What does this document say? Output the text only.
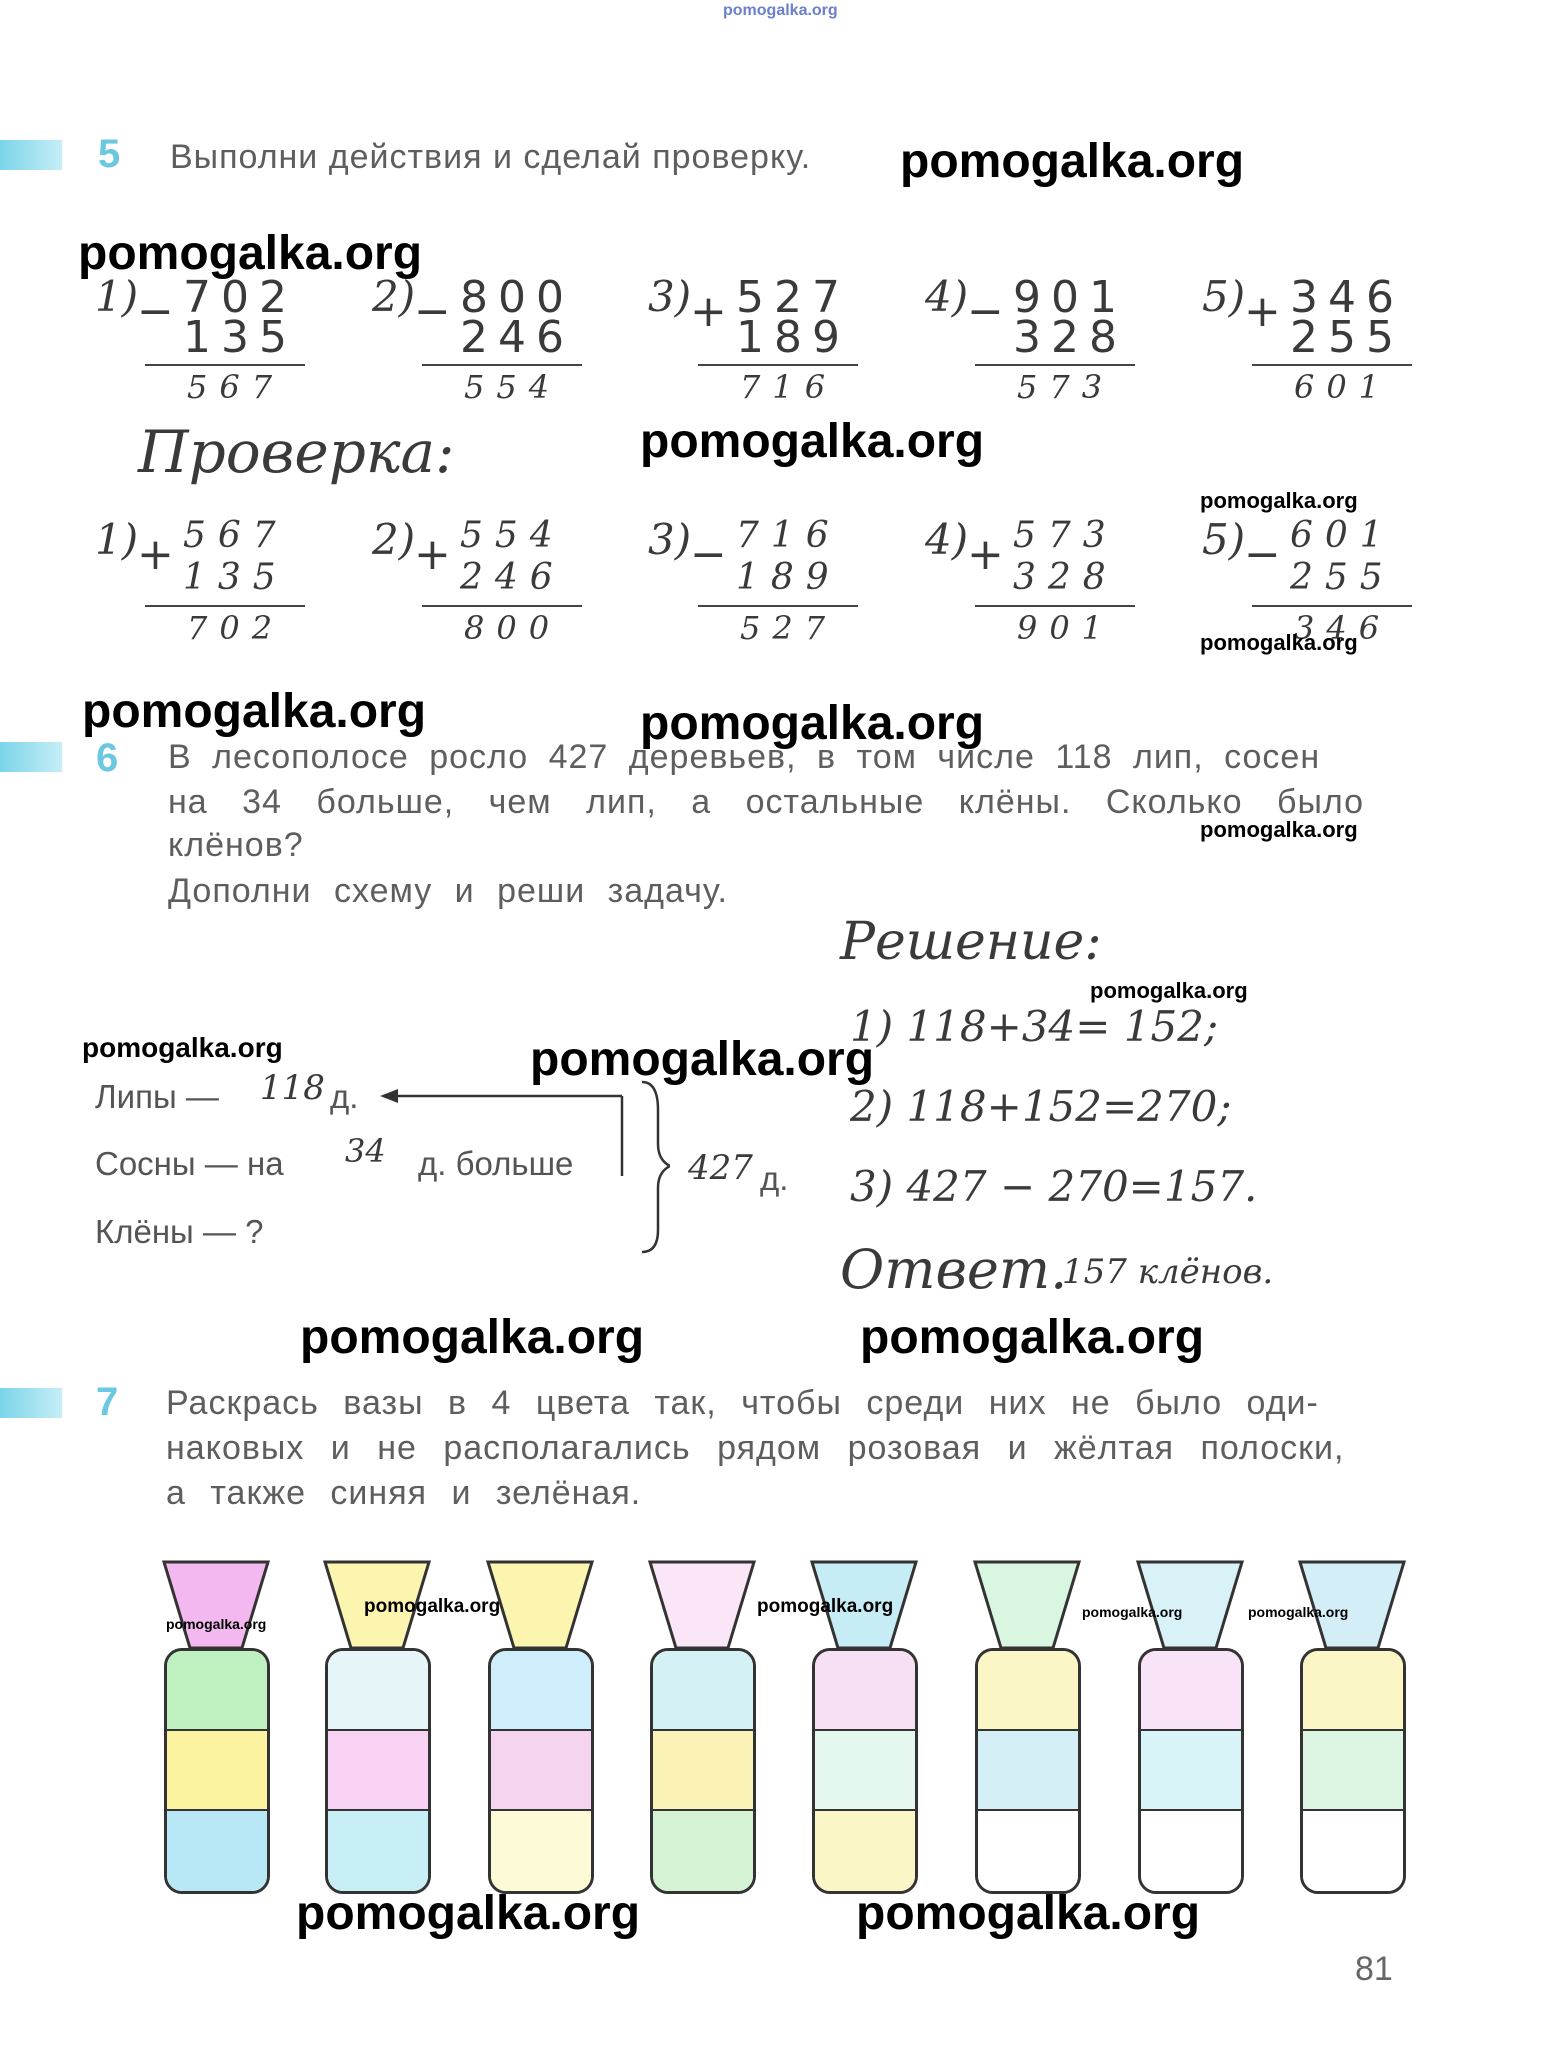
pomogalka.org
5 Выполни действия и сделай проверку.
1)
− 702
135
567
2)
− 800
246
554
3)
+ 527
189
716
4)
− 901
328
573
5)
+ 346
255
601
Проверка:
1)
+ 567
135
702
2)
+ 554
246
800
3)
− 716
189
527
4)
+ 573
328
901
5)
− 601
255
346
6 В лесополосе росло 427 деревьев, в том числе 118 лип, сосен
на 34 больше, чем лип, а остальные клёны. Сколько было
клёнов?
Дополни схему и реши задачу.
Липы — 118 д.
Сосны — на 34 д. больше
Клёны — ?
427 д.
Решение:
1) 118+34= 152;
2) 118+152=270;
3) 427 − 270=157.
Ответ.
157 клёнов.
7 Раскрась вазы в 4 цвета так, чтобы среди них не было оди-
наковых и не располагались рядом розовая и жёлтая полоски,
а также синяя и зелёная.
81
pomogalka.org
pomogalka.org
pomogalka.org
pomogalka.org
pomogalka.org
pomogalka.org	pomogalka.org
pomogalka.org
pomogalka.org
pomogalka.org	pomogalka.org
pomogalka.org	pomogalka.org
pomogalka.org
pomogalka.org	pomogalka.org	pomogalka.org	pomogalka.org
pomogalka.org	pomogalka.org
